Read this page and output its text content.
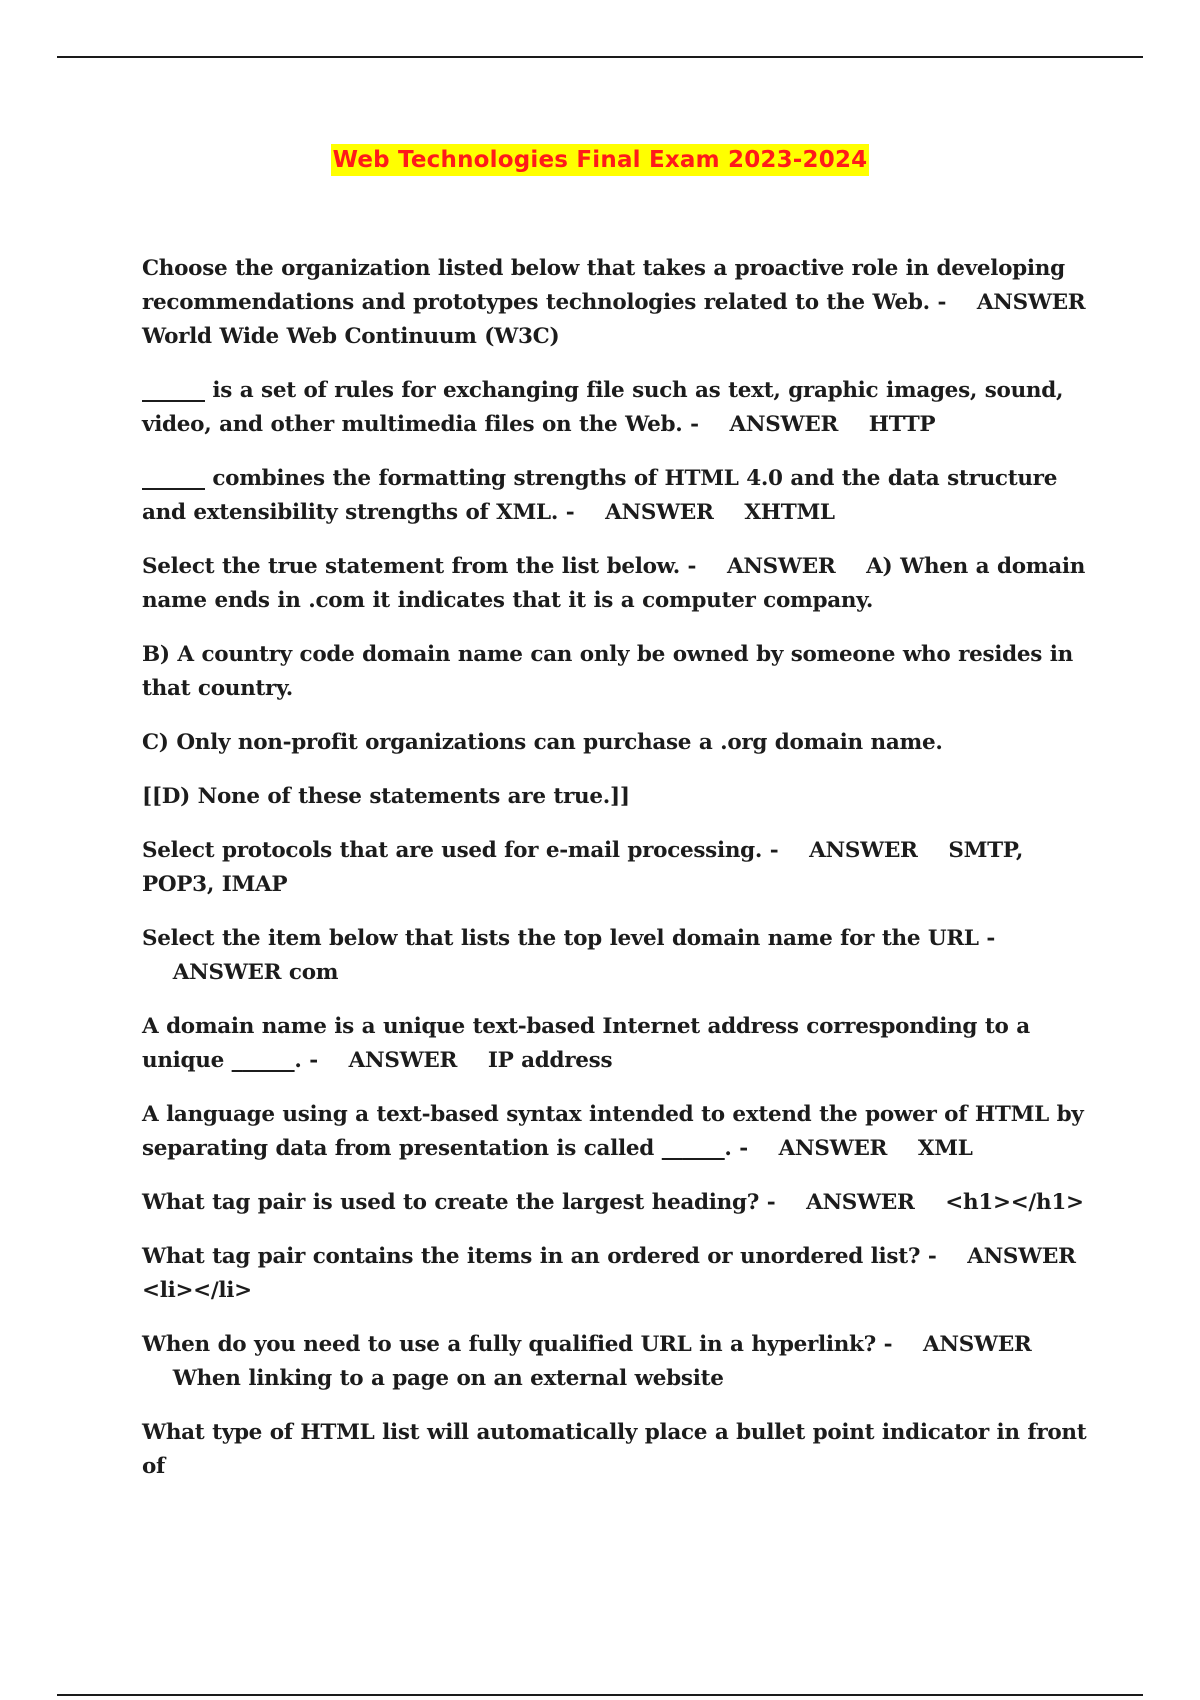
Web Technologies Final Exam 2023-2024

Choose the organization listed below that takes a proactive role in developing recommendations and prototypes technologies related to the Web. - ANSWER World Wide Web Continuum (W3C)

______ is a set of rules for exchanging file such as text, graphic images, sound, video, and other multimedia files on the Web. - ANSWER HTTP

______ combines the formatting strengths of HTML 4.0 and the data structure and extensibility strengths of XML. - ANSWER XHTML

Select the true statement from the list below. - ANSWER A) When a domain name ends in .com it indicates that it is a computer company.

B) A country code domain name can only be owned by someone who resides in that country.

C) Only non-profit organizations can purchase a .org domain name.

[[D) None of these statements are true.]]

Select protocols that are used for e-mail processing. - ANSWER SMTP, POP3, IMAP

Select the item below that lists the top level domain name for the URL -    ANSWER com

A domain name is a unique text-based Internet address corresponding to a unique ______. - ANSWER IP address

A language using a text-based syntax intended to extend the power of HTML by separating data from presentation is called ______. - ANSWER XML

What tag pair is used to create the largest heading? - ANSWER <h1></h1>

What tag pair contains the items in an ordered or unordered list? - ANSWER <li></li>

When do you need to use a fully qualified URL in a hyperlink? - ANSWER    When linking to a page on an external website

What type of HTML list will automatically place a bullet point indicator in front of
